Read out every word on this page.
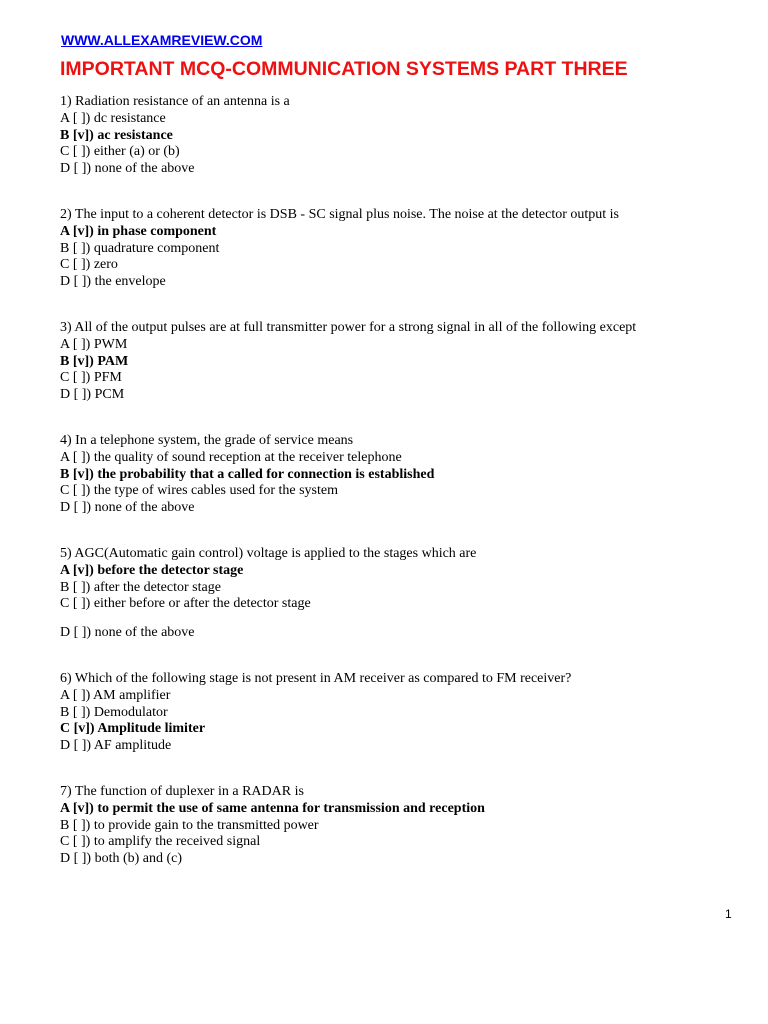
WWW.ALLEXAMREVIEW.COM
IMPORTANT MCQ-COMMUNICATION SYSTEMS PART THREE
1) Radiation resistance of an antenna is a
A [ ]) dc resistance
B [v]) ac resistance
C [ ]) either (a) or (b)
D [ ]) none of the above
2) The input to a coherent detector is DSB - SC signal plus noise. The noise at the detector output is
A [v]) in phase component
B [ ]) quadrature component
C [ ]) zero
D [ ]) the envelope
3) All of the output pulses are at full transmitter power for a strong signal in all of the following except
A [ ]) PWM
B [v]) PAM
C [ ]) PFM
D [ ]) PCM
4) In a telephone system, the grade of service means
A [ ]) the quality of sound reception at the receiver telephone
B [v]) the probability that a called for connection is established
C [ ]) the type of wires cables used for the system
D [ ]) none of the above
5) AGC(Automatic gain control) voltage is applied to the stages which are
A [v]) before the detector stage
B [ ]) after the detector stage
C [ ]) either before or after the detector stage
D [ ]) none of the above
6) Which of the following stage is not present in AM receiver as compared to FM receiver?
A [ ]) AM amplifier
B [ ]) Demodulator
C [v]) Amplitude limiter
D [ ]) AF amplitude
7) The function of duplexer in a RADAR is
A [v]) to permit the use of same antenna for transmission and reception
B [ ]) to provide gain to the transmitted power
C [ ]) to amplify the received signal
D [ ]) both (b) and (c)
1
